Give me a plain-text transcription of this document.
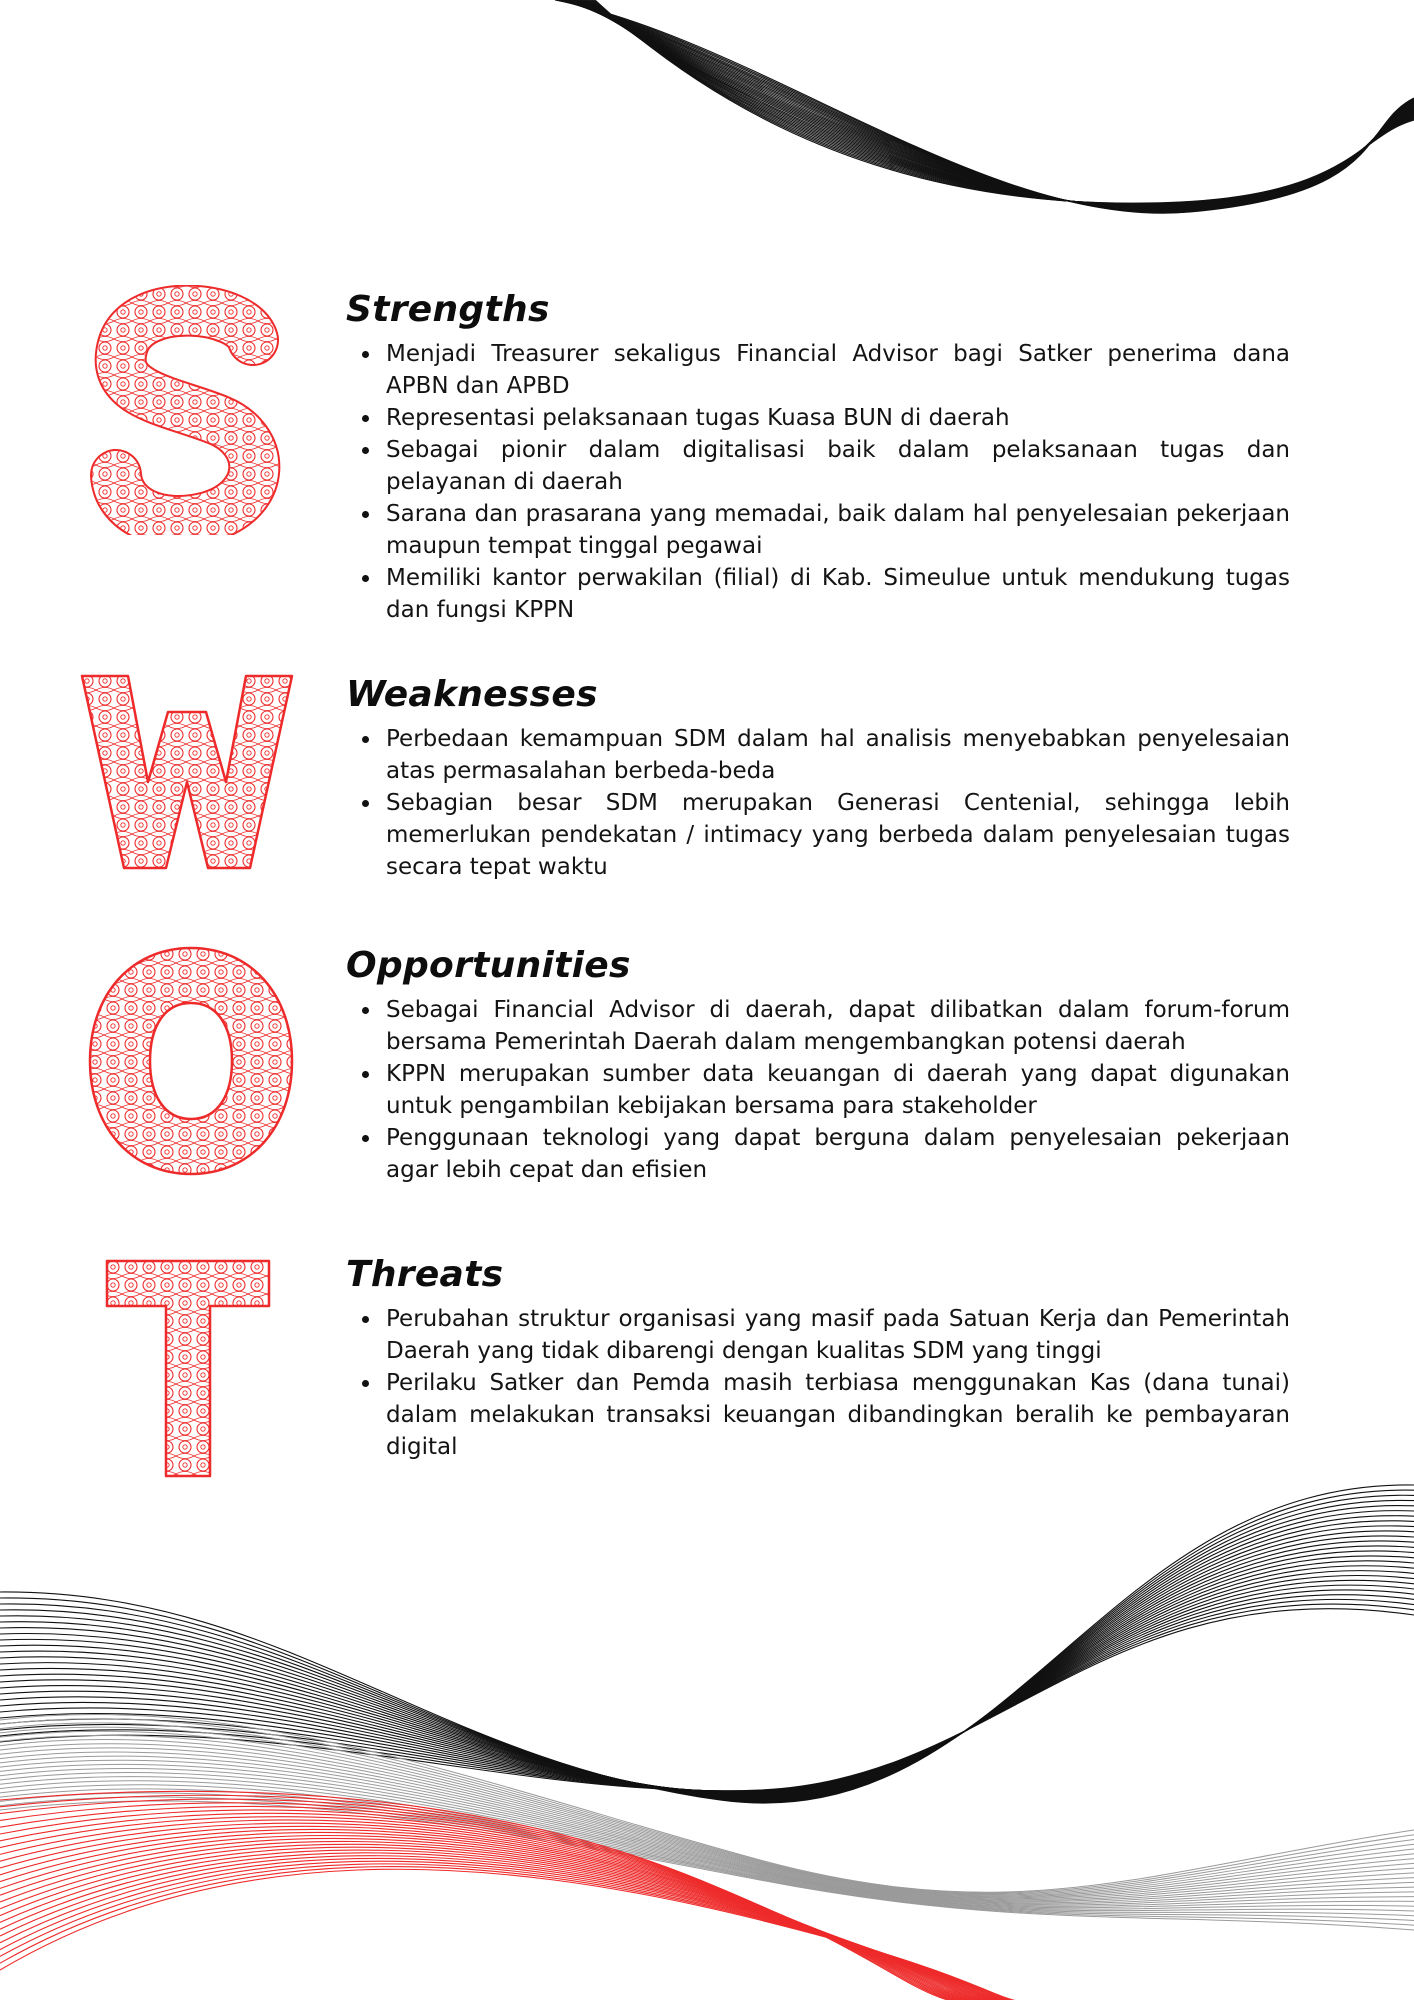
Strengths
Menjadi Treasurer sekaligus Financial Advisor bagi Satker penerima dana APBN dan APBD
Representasi pelaksanaan tugas Kuasa BUN di daerah
Sebagai pionir dalam digitalisasi baik dalam pelaksanaan tugas dan pelayanan di daerah
Sarana dan prasarana yang memadai, baik dalam hal penyelesaian pekerjaan maupun tempat tinggal pegawai
Memiliki kantor perwakilan (filial) di Kab. Simeulue untuk mendukung tugas dan fungsi KPPN
Weaknesses
Perbedaan kemampuan SDM dalam hal analisis menyebabkan penyelesaian atas permasalahan berbeda-beda
Sebagian besar SDM merupakan Generasi Centenial, sehingga lebih memerlukan pendekatan / intimacy yang berbeda dalam penyelesaian tugas secara tepat waktu
Opportunities
Sebagai Financial Advisor di daerah, dapat dilibatkan dalam forum-forum bersama Pemerintah Daerah dalam mengembangkan potensi daerah
KPPN merupakan sumber data keuangan di daerah yang dapat digunakan untuk pengambilan kebijakan bersama para stakeholder
Penggunaan teknologi yang dapat berguna dalam penyelesaian pekerjaan agar lebih cepat dan efisien
Threats
Perubahan struktur organisasi yang masif pada Satuan Kerja dan Pemerintah Daerah yang tidak dibarengi dengan kualitas SDM yang tinggi
Perilaku Satker dan Pemda masih terbiasa menggunakan Kas (dana tunai) dalam melakukan transaksi keuangan dibandingkan beralih ke pembayaran digital
